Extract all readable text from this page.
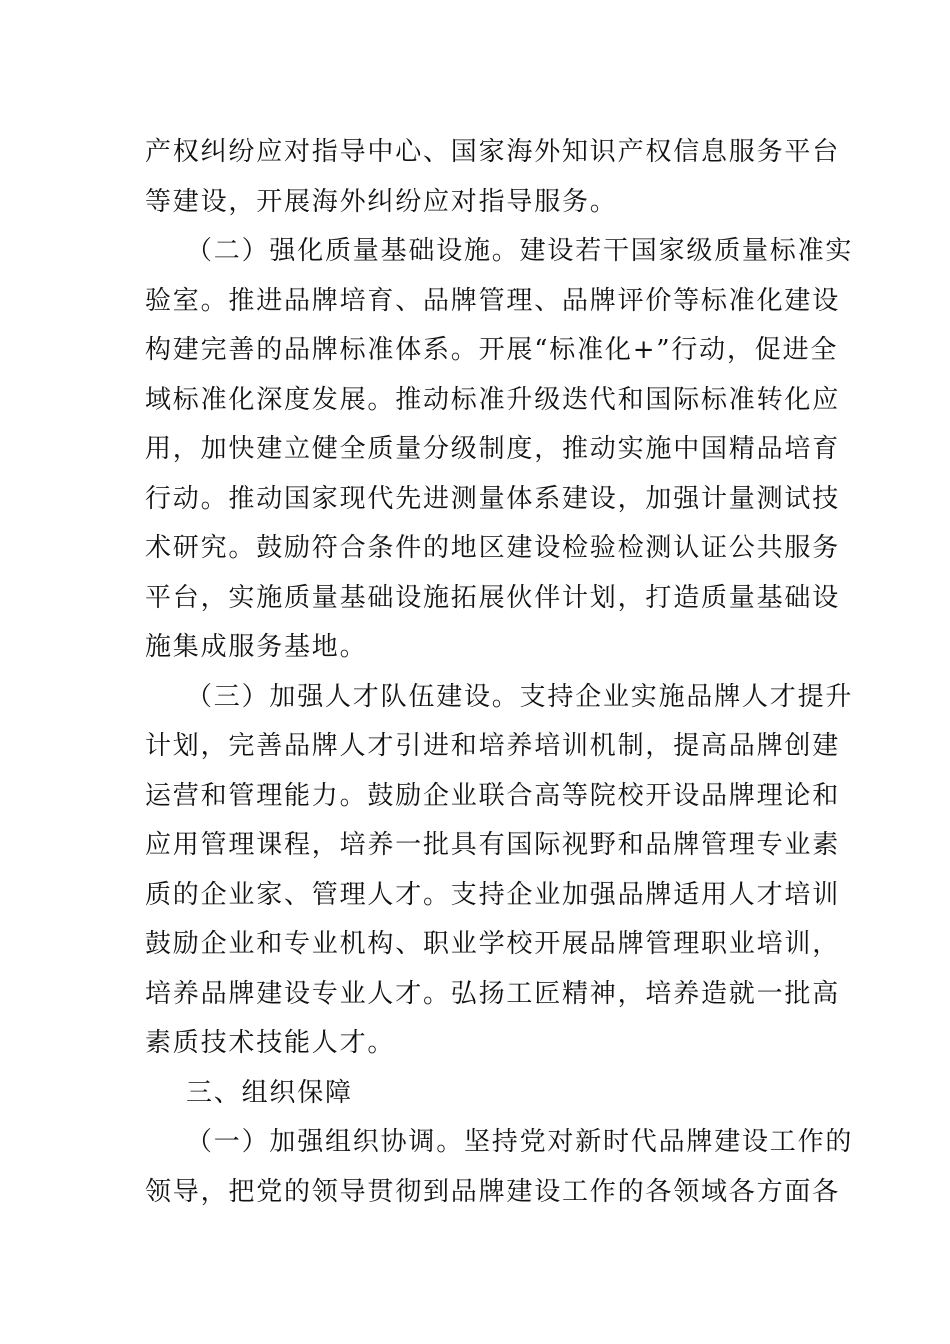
产权纠纷应对指导中心、国家海外知识产权信息服务平台
等建设，开展海外纠纷应对指导服务。
（二）强化质量基础设施。建设若干国家级质量标准实
验室。推进品牌培育、品牌管理、品牌评价等标准化建设
构建完善的品牌标准体系。开展“标准化+”行动，促进全
域标准化深度发展。推动标准升级迭代和国际标准转化应
用，加快建立健全质量分级制度，推动实施中国精品培育
行动。推动国家现代先进测量体系建设，加强计量测试技
术研究。鼓励符合条件的地区建设检验检测认证公共服务
平台，实施质量基础设施拓展伙伴计划，打造质量基础设
施集成服务基地。
（三）加强人才队伍建设。支持企业实施品牌人才提升
计划，完善品牌人才引进和培养培训机制，提高品牌创建
运营和管理能力。鼓励企业联合高等院校开设品牌理论和
应用管理课程，培养一批具有国际视野和品牌管理专业素
质的企业家、管理人才。支持企业加强品牌适用人才培训
鼓励企业和专业机构、职业学校开展品牌管理职业培训，
培养品牌建设专业人才。弘扬工匠精神，培养造就一批高
素质技术技能人才。
三、组织保障
（一）加强组织协调。坚持党对新时代品牌建设工作的
领导，把党的领导贯彻到品牌建设工作的各领域各方面各
